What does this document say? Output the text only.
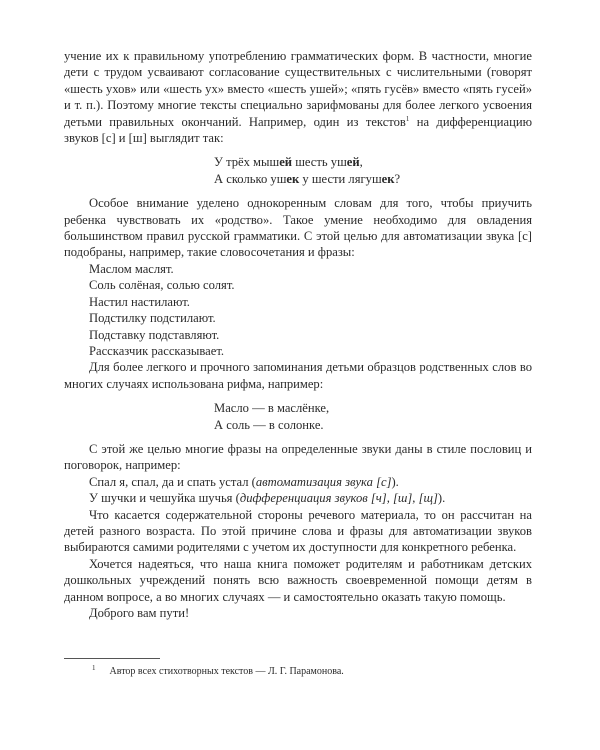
учение их к правильному употреблению грамматических форм. В частности, многие дети с трудом усваивают согласование существительных с числительными (говорят «шесть ухов» или «шесть ух» вместо «шесть ушей»; «пять гусёв» вместо «пять гусей» и т. п.). Поэтому многие тексты специально зарифмованы для более легкого усвоения детьми правильных окончаний. Например, один из текстов$^1$ на дифференциацию звуков [с] и [ш] выглядит так:

У трёх мышей шесть ушей,

А сколько ушек у шести лягушек?

Особое внимание уделено однокоренным словам для того, чтобы приучить ребенка чувствовать их «родство». Такое умение необходимо для овладения большинством правил русской грамматики. С этой целью для автоматизации звука [с] подобраны, например, такие словосочетания и фразы:

Маслом маслят.

Соль солёная, солью солят.

Настил настилают.

Подстилку подстилают.

Подставку подставляют.

Рассказчик рассказывает.

Для более легкого и прочного запоминания детьми образцов родственных слов во многих случаях использована рифма, например:

Масло — в маслёнке,

А соль — в солонке.

С этой же целью многие фразы на определенные звуки даны в стиле пословиц и поговорок, например:

Спал я, спал, да и спать устал (автоматизация звука [с]).

У шучки и чешуйка шучья (дифференциация звуков [ч], [ш], [щ]).

Что касается содержательной стороны речевого материала, то он рассчитан на детей разного возраста. По этой причине слова и фразы для автоматизации звуков выбираются самими родителями с учетом их доступности для конкретного ребенка.

Хочется надеяться, что наша книга поможет родителям и работникам детских дошкольных учреждений понять всю важность своевременной помощи детям в данном вопросе, а во многих случаях — и самостоятельно оказать такую помощь.

Доброго вам пути!

$^1$ Автор всех стихотворных текстов — Л. Г. Парамонова.
